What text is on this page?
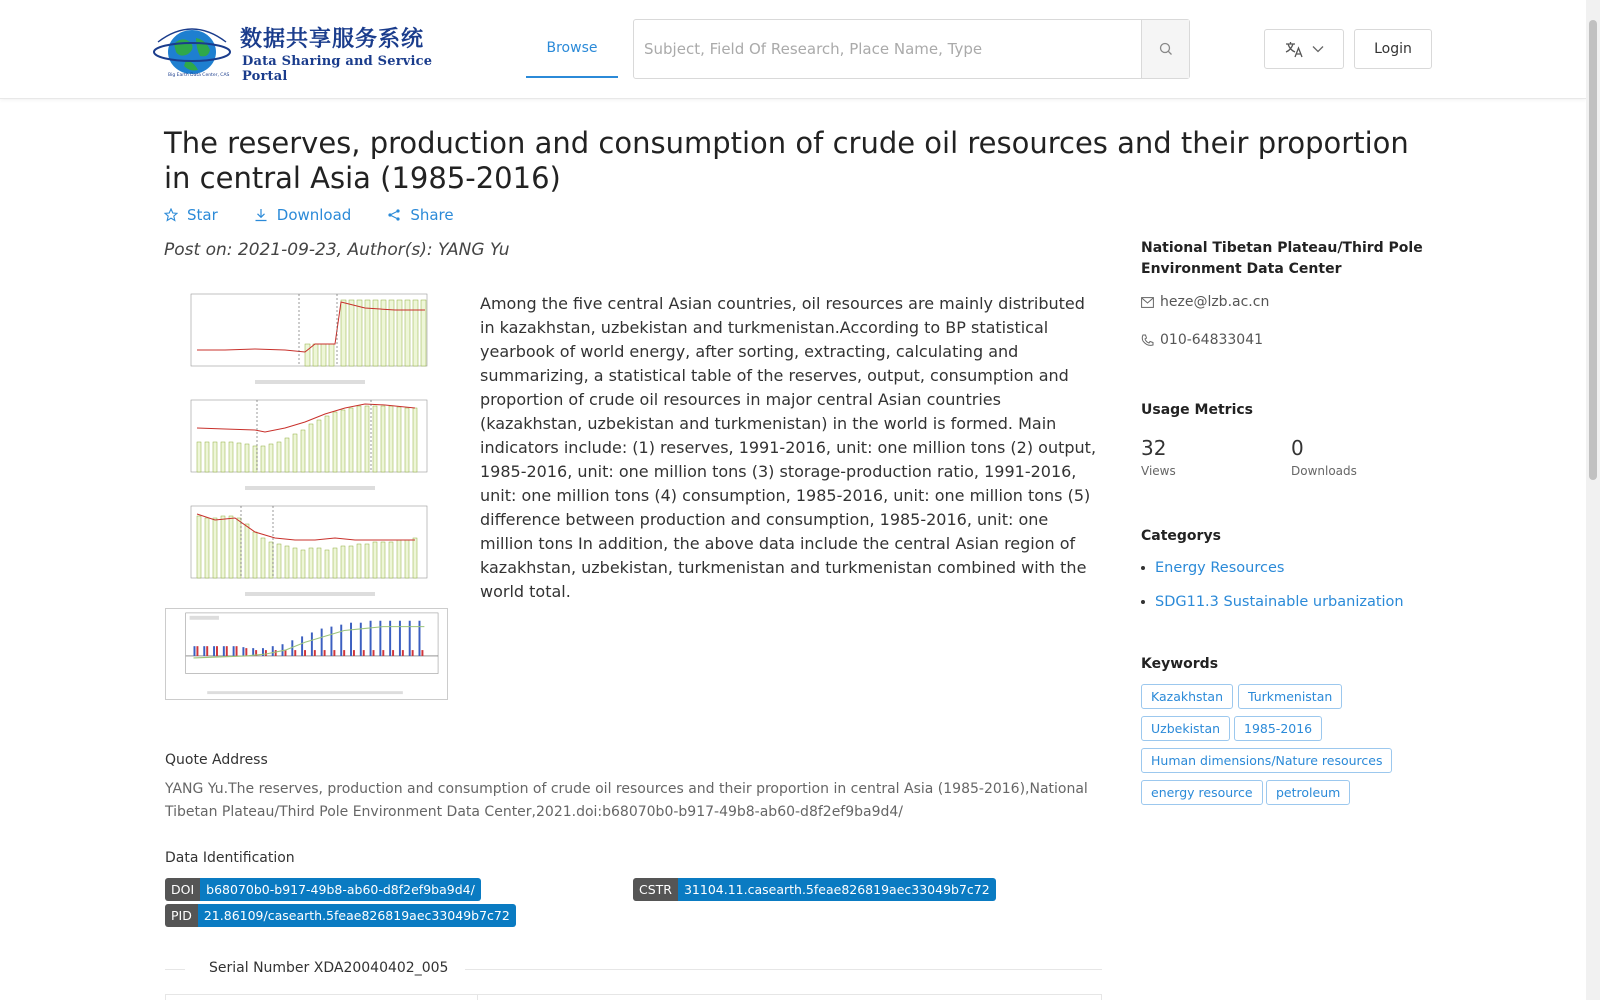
Big Earth Data Center, CAS
数据共享服务系统
Data Sharing and Service Portal
Browse
Subject, Field Of Research, Place Name, Type	Login
The reserves, production and consumption of crude oil resources and their proportion in central Asia (1985-2016)
Star	Download	Share
Post on: 2021-09-23, Author(s): YANG Yu

Among the five central Asian countries, oil resources are mainly distributed in kazakhstan, uzbekistan and turkmenistan.According to BP statistical yearbook of world energy, after sorting, extracting, calculating and summarizing, a statistical table of the reserves, output, consumption and proportion of crude oil resources in major central Asian countries (kazakhstan, uzbekistan and turkmenistan) in the world is formed. Main indicators include: (1) reserves, 1991-2016, unit: one million tons (2) output, 1985-2016, unit: one million tons (3) storage-production ratio, 1991-2016, unit: one million tons (4) consumption, 1985-2016, unit: one million tons (5) difference between production and consumption, 1985-2016, unit: one million tons In addition, the above data include the central Asian region of kazakhstan, uzbekistan, turkmenistan and turkmenistan combined with the world total.

Quote Address
YANG Yu.The reserves, production and consumption of crude oil resources and their proportion in central Asia (1985-2016),National Tibetan Plateau/Third Pole Environment Data Center,2021.doi:b68070b0-b917-49b8-ab60-d8f2ef9ba9d4/
Data Identification
DOI b68070b0-b917-49b8-ab60-d8f2ef9ba9d4/	CSTR 31104.11.casearth.5feae826819aec33049b7c72
PID 21.86109/casearth.5feae826819aec33049b7c72
Serial Number XDA20040402_005
National Tibetan Plateau/Third Pole Environment Data Center
heze@lzb.ac.cn
010-64833041
Usage Metrics
32
Views
0
Downloads
Categorys
Energy Resources
SDG11.3 Sustainable urbanization
Keywords
Kazakhstan	Turkmenistan
Uzbekistan	1985-2016
Human dimensions/Nature resources
energy resource	petroleum
